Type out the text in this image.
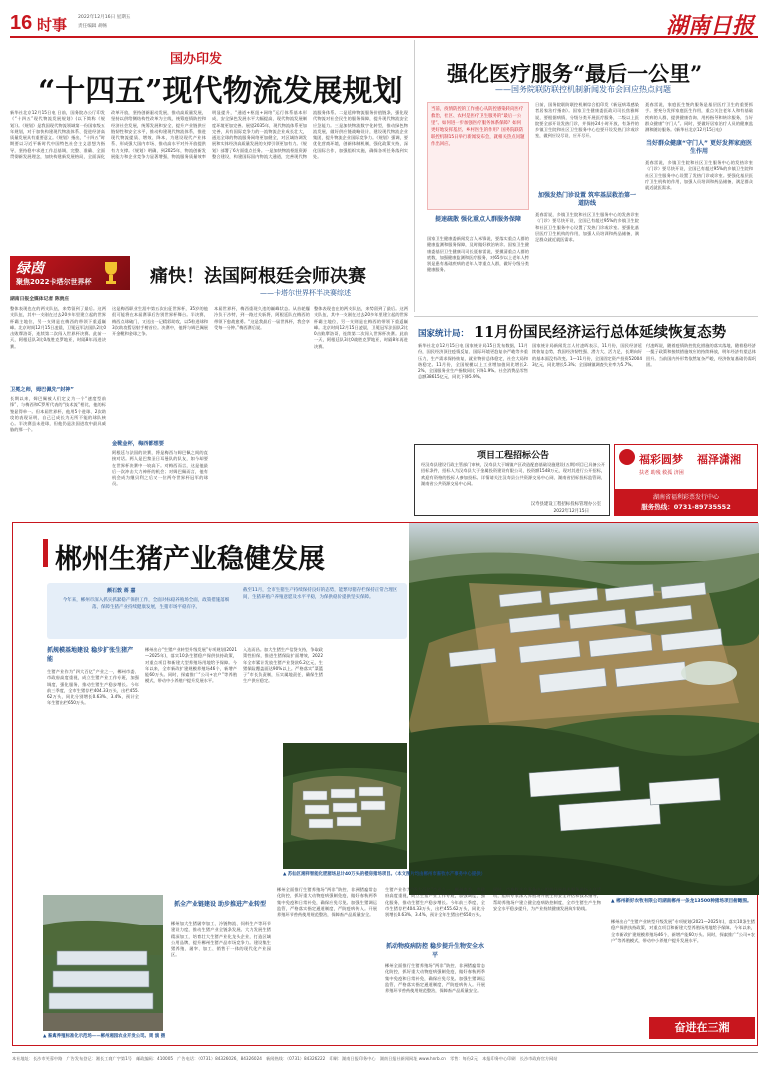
16 时事 2022年12月16日 星期五
责任编辑 胡畅	湖南日报
国办印发
“十四五”现代物流发展规划
新华社北京12月15日电 日前，国务院办公厅印发《“十四五”现代物流发展规划》(以下简称《规划》)。《规划》是我国现代物流领域第一份国家级五年规划，对于加快构建现代物流体系、促进经济高质量发展具有重要意义。《规划》指出，“十四五”时期要以习近平新时代中国特色社会主义思想为指导，坚持稳中求进工作总基调，完整、准确、全面贯彻新发展理念，加快构建新发展格局，全面深化改革开放，坚持创新驱动发展，推动高质量发展，坚持以供给侧结构性改革为主线，统筹疫情防控和经济社会发展，统筹发展和安全，提升产业链供应链韧性和安全水平，推动构建现代物流体系，推进现代物流提质、增效、降本，为建设现代产业体系、形成强大国内市场、推动高水平对外开放提供有力支撑。《规划》明确，到2025年，物流创新发展能力和企业竞争力显著增强，物流服务质量效率明显提升，“通道+枢纽+网络”运行体系基本形成，安全绿色发展水平大幅提高，现代物流发展制度环境更加完善。展望2035年，现代物流体系更加完善，具有国际竞争力的一流物流企业成长壮大，通达全球的物流服务网络更加健全，对区域协调发展和实体经济高质量发展的支撑引领更加有力。《规划》部署了6方面重点任务。一是加快物流枢纽资源整合建设，构建国际国内物流大通道，完善现代物流服务体系。二是延伸物流服务价值链条，强化现代物流对社会民生的服务保障，提升现代物流安全应急能力。三是加快物流数字化转型，推动绿色物流发展，做好供应链战略设计，建设现代物流企业集团，提升物流企业国际竞争力。《规划》强调，要优化营商环境，创新体制机制，强化政策支持，深化国际合作，加强组织实施，确保各项任务落到实处。
强化医疗服务“最后一公里”
——国务院联防联控机制新闻发布会回应热点问题
当前，疫情防控的工作重心从防控感染转向医疗救治，社区、农村是医疗卫生服务的“最后一公里”。如何进一步加强医疗服务体系保障？如何更好地发挥基层、乡村医生的作用？国务院联防联控机制15日举行新闻发布会，就相关热点问题作出回应。
提速疏散 强化重点人群服务保障
国家卫生健康委新闻发言人米锋说，要落实重点人群的健康监测和服务保障，及时做好救治转诊。国家卫生健康委基层卫生健康司司长聂春雷说，要摸清重点人群的底数，加强健康监测和医疗服务，对65岁以上老年人特别是患有基础疾病的老年人等重点人群，做好分级分类健康服务。
日前，国务院联防联控机制综合组印发《新冠病毒感染者居家治疗指南》。国家卫生健康委医政司司长焦雅辉说，要根据病情，分级分类开展医疗服务，二级以上医院要全部开设发热门诊，并保持24小时开放，有条件的乡镇卫生院和社区卫生服务中心也要开设发热门诊或诊室，做到应设尽设、应开尽开。
加强发热门诊设置 筑牢基层救治第一道防线
聂春雷说，乡镇卫生院和社区卫生服务中心的发热诊室（门诊）要尽快开设，全国已有超过95%的乡镇卫生院和社区卫生服务中心设置了发热门诊或诊室。要强化基层医疗卫生机构的作用，加强人员培训和药品储备，满足群众就近就医需求。
当好群众健康“守门人” 更好发挥家庭医生作用
聂春雷说，家庭医生签约服务是基层医疗卫生的重要抓手。要充分发挥家庭医生作用，重点关注老年人和有基础疾病的人群，提供健康咨询、用药指导和转诊服务，当好群众健康“守门人”。同时，要做好居家治疗人员的健康监测和随访服务。(新华社北京12月15日电)
聂春雷说，乡镇卫生院和社区卫生服务中心的发热诊室（门诊）要尽快开设，全国已有超过95%的乡镇卫生院和社区卫生服务中心设置了发热门诊或诊室。要强化基层医疗卫生机构的作用，加强人员培训和药品储备，满足群众就近就医需求。
绿茵
聚焦2022卡塔尔世界杯
湖南日报全媒体记者 陈贵庄
痛快！法国阿根廷会师决赛
——卡塔尔世界杯半决赛综述
整体表现也在的两支队伍，来势留到了最后。这两支队伍，其中一支刚在过去20多年里建立起的世界杯霸主地位，另一支则是在梅西的带领下重返巅峰。北京时间12月15日凌晨，卫冕冠军法国队2比0击败摩洛哥，连续第二次闯入世界杯决赛。此前一天，阿根廷队3比0战胜克罗地亚，时隔8年再进决赛。
卫冕之师，姆巴佩先“封神”
长期以来，姆巴佩被人们定义为一个“速度型前锋”，与梅西和C罗所代表的“技术流”相比，他的标签显得单一。但本届世界杯，他用5个进球、2次助攻的表现证明，自己已成长为无所不能的球队核心。半决赛虽未进球，但他仍是法国进攻中最具威胁的那一个。
这是梅西职业生涯中第五次出征世界杯，35岁的他很可能将在本届赛事后告别世界杯舞台。半决赛，梅西点球破门，又送出一记精彩助攻，以5粒进球和3次助攻暂居射手榜首位。决赛中，他将与姆巴佩展开金靴和金球之争。
金靴金杯，梅西都想要
阿根廷与法国的决赛，将是梅西与姆巴佩之间的直接对话。两人是巴黎圣日耳曼队的队友，如今却要在世界杯决赛中一较高下。对梅西而言，这是他最后一次冲击大力神杯的机会；对姆巴佩而言，他有机会成为继贝利之后又一位两夺世界杯冠军的球员。
本届世界杯，梅西重现久违的巅峰状态。从首轮爆冷负于沙特，到一路过关斩将，阿根廷队在梅西的带领下愈战愈勇。“这是我最后一届世界杯，我会享受每一分钟。”梅西赛后说。
整体表现也在的两支队伍，来势留到了最后。这两支队伍，其中一支刚在过去20多年里建立起的世界杯霸主地位，另一支则是在梅西的带领下重返巅峰。北京时间12月15日凌晨，卫冕冠军法国队2比0击败摩洛哥，连续第二次闯入世界杯决赛。此前一天，阿根廷队3比0战胜克罗地亚，时隔8年再进决赛。
国家统计局： 11月份国民经济运行总体延续恢复态势
新华社北京12月15日电 国家统计局15日发布数据，11月份，国民经济顶住疫情反复、国际环境更趋复杂严峻等多重压力，生产需求保持恢复，就业物价总体稳定，社会大局和谐稳定。11月份，全国规模以上工业增加值同比增长2.2%，全国服务业生产指数同比下降1.9%。社会消费品零售总额38615亿元，同比下降5.9%。
国家统计局新闻发言人付凌晖表示，11月份，国民经济延续恢复态势，我国经济韧性强、潜力大、活力足，长期向好的基本面没有改变。1—11月份，全国固定资产投资520043亿元，同比增长5.3%；全国城镇调查失业率为5.7%。
付凌晖说，随着疫情防控优化措施的落实落地，随着稳经济一揽子政策和接续措施效应的持续释放，明年经济有望总体回升。当前国内外形势依然复杂严峻，经济恢复基础仍需巩固。
项目工程招标公告
经汉寿县建设行政主管部门审核，汉寿县大于城镇产区改造配套基础设施建设(五期)项目已具备公开招标条件，招标人为汉寿县大于金属投资建设有限公司，投资额1548万元，现对其进行公开招标，欢迎有资格的投标人参加投标。详情请关注汉寿县公共资源交易中心网、湖南省招标投标监管网、湖南省公共资源交易中心网。
汉寿县建设工程招标投标管理办公室
2022年12月15日
福彩圆梦 福泽潇湘
扶老 助残 救孤 济困
湖南省福利彩票发行中心
服务热线：0731-89735552
郴州生猪产业稳健发展
颜石敦 蒋 嘉
今年来，郴州市深入抓实抓紧稳产保供工作，全面对标稳养殖场全面，政策措施落细落，保障生猪产业持续健康发展，生猪市场平稳有序。
截至11月，全市生猪生产持续保持良好的态势，能繁母猪存栏保持正常合理区间，生猪养殖户养殖意愿及水平平稳，为保供稳价提供坚实保障。
▲ 郴州新好农牧有限公司湖南郴州一条龙13500种猪场项目俯瞰图。
▲ 苏仙区湘祥智能化肥猪场总计40万头的楼房猪场项目。（本文图片均由郴州市畜牧水产事务中心提供）
▲ 畜禽养殖标准化示范场——郴州湘园农业开发公司。周 演 摄
抓规模基地建设 稳步扩张生猪产能
生猪产业作为“四大百亿”产业之一，郴州市委、市政府高度重视，成立生猪产业工作专班，加强调度，强化服务，推动生猪生产稳步增长。今年前三季度，全市生猪存栏404.33万头，出栏455.62万头，同比分别增长0.63%、3.4%，预计全年生猪出栏650万头。
郴州出台“生猪产业转型升级发展”专项规划(2021—2025年)，落实10条生猪稳产保供扶持政策，对重点项目和新建大型养殖场用地给予保障。今年以来，全市新改扩建规模养殖场46个，新增产能60万头。同时，探索推广“公司+农户”等养殖模式，带动中小养殖户提升发展水平。
入达而昌。加大生猪生产信贷支持，争取政策性担保，推进生猪保险扩面增效，2022年全市累计发放生猪产业贷款6.2亿元，生猪保险覆盖面达90%以上。严格落实“菜篮子”市长负责制，压实属地责任，确保生猪生产供应稳定。
抓全产业链建设 助步推进产业转型
郴州加大生猪屠宰加工、冷链物流、饲料生产等环节建设力度，推动生猪产业全链条发展。大力发展生猪精深加工，培育壮大生猪产业化龙头企业，打造区域公用品牌，提升郴州生猪产品市场竞争力。建设集生猪养殖、屠宰、加工、销售于一体的现代化产业园区。
郴州全面推行生猪养殖场“两非”防控、非洲猪瘟常态化防控，抓好重大动物疫病强制免疫，做好春秋两季集中免疫和日常补免，确保应免尽免。加强生猪调运监管，严格落实指定通道制度，严防疫病传入。开展养殖环节兽药使用规范整治，保障畜产品质量安全。
抓动物疫病防控 稳步提升生物安全水平
生猪产业作为“四大百亿”产业之一，郴州市委、市政府高度重视，成立生猪产业工作专班，加强调度，强化服务，推动生猪生产稳步增长。今年前三季度，全市生猪存栏404.33万头，出栏455.62万头，同比分别增长0.63%、3.4%，预计全年生猪出栏650万头。
郴州全面推行生猪养殖场“两非”防控、非洲猪瘟常态化防控，抓好重大动物疫病强制免疫，做好春秋两季集中免疫和日常补免，确保应免尽免。加强生猪调运监管，严格落实指定通道制度，严防疫病传入。开展养殖环节兽药使用规范整治，保障畜产品质量安全。
同时，市畜牧水产事务中心组织开展技术服务进场入户活动，组织专家深入养殖场开展生物安全评估和技术指导，帮助养殖场户建立健全疫病防控制度，全市生猪生产生物安全水平稳步提升，为产业持续健康发展筑牢防线。
郴州出台“生猪产业转型升级发展”专项规划(2021—2025年)，落实10条生猪稳产保供扶持政策，对重点项目和新建大型养殖场用地给予保障。今年以来，全市新改扩建规模养殖场46个，新增产能60万头。同时，探索推广“公司+农户”等养殖模式，带动中小养殖户提升发展水平。
奋进在三湘
本社地址：长沙市芙蓉中路　广告发布登记：湘长工商广字第1号　邮政编码：410005　广告电话：（0731）84326026，84326024　新闻热线：（0731）84326222　印刷：湖南日报印务中心　湖南日报社新闻网址 www.hnrb.cn　零售：每份2元　本报印务中心印刷　长沙市政府官方网站
